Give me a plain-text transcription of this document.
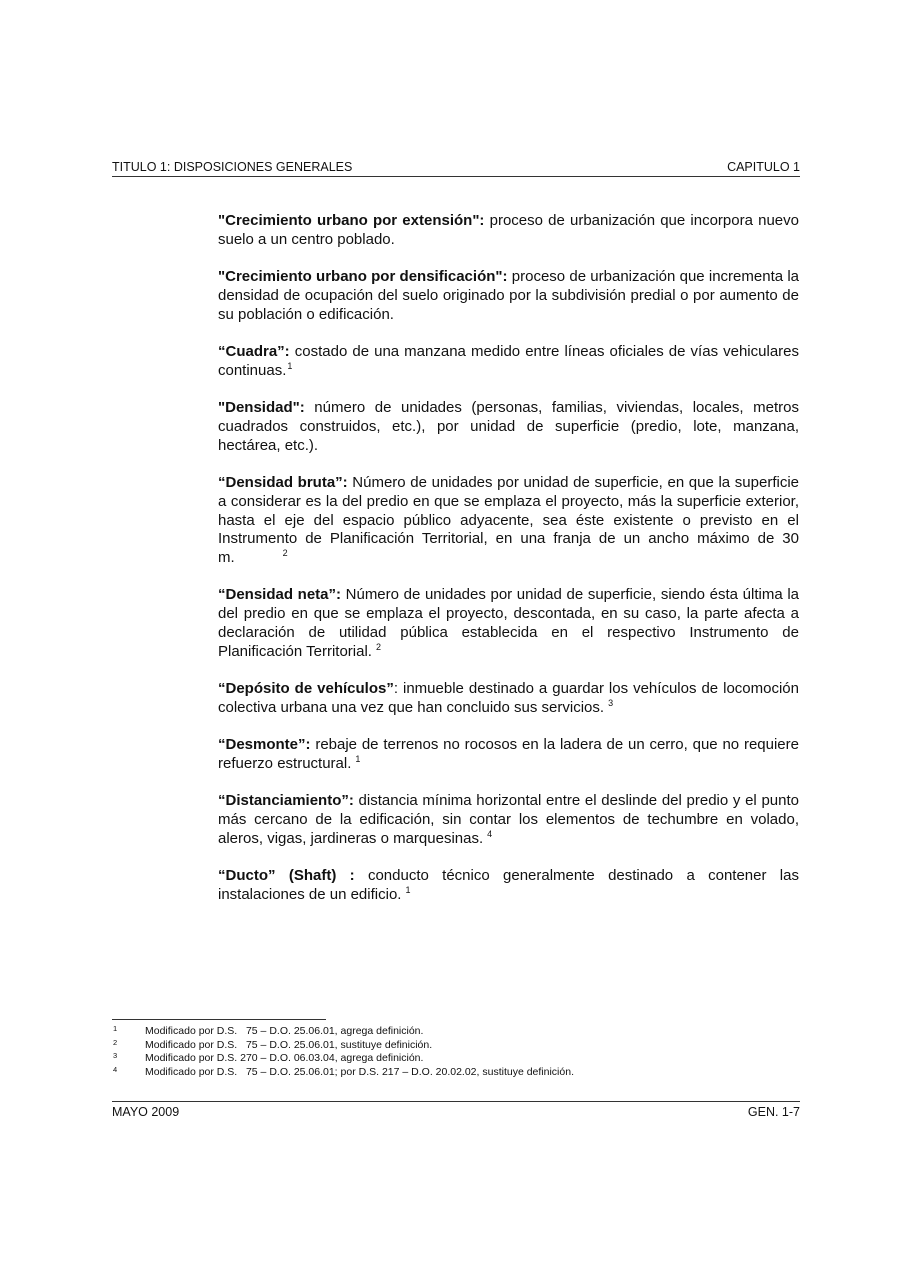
TITULO 1: DISPOSICIONES GENERALES	CAPITULO 1

"Crecimiento urbano por extensión": proceso de urbanización que incorpora nuevo suelo a un centro poblado.

"Crecimiento urbano por densificación": proceso de urbanización que incrementa la densidad de ocupación del suelo originado por la subdivisión predial o por aumento de su población o edificación.

“Cuadra”: costado de una manzana medido entre líneas oficiales de vías vehiculares continuas.$^1$

"Densidad": número de unidades (personas, familias, viviendas, locales, metros cuadrados construidos, etc.), por unidad de superficie (predio, lote, manzana, hectárea, etc.).

“Densidad bruta”: Número de unidades por unidad de superficie, en que la superficie a considerar es la del predio en que se emplaza el proyecto, más la superficie exterior, hasta el eje del espacio público adyacente, sea éste existente o previsto en el Instrumento de Planificación Territorial, en una franja de un ancho máximo de 30 m.	$^2$

“Densidad neta”: Número de unidades por unidad de superficie, siendo ésta última la del predio en que se emplaza el proyecto, descontada, en su caso, la parte afecta a declaración de utilidad pública establecida en el respectivo Instrumento de Planificación Territorial. $^2$

“Depósito de vehículos”: inmueble destinado a guardar los vehículos de locomoción colectiva urbana una vez que han concluido sus servicios. $^3$

“Desmonte”: rebaje de terrenos no rocosos en la ladera de un cerro, que no requiere refuerzo estructural. $^1$

“Distanciamiento”: distancia mínima horizontal entre el deslinde del predio y el punto más cercano de la edificación, sin contar los elementos de techumbre en volado, aleros, vigas, jardineras o marquesinas. $^4$

“Ducto” (Shaft) : conducto técnico generalmente destinado a contener las instalaciones de un edificio. $^1$

1	Modificado por D.S.   75 – D.O. 25.06.01, agrega definición.
2	Modificado por D.S.   75 – D.O. 25.06.01, sustituye definición.
3	Modificado por D.S. 270 – D.O. 06.03.04, agrega definición.
4	Modificado por D.S.   75 – D.O. 25.06.01; por D.S. 217 – D.O. 20.02.02, sustituye definición.
MAYO 2009	GEN. 1-7
